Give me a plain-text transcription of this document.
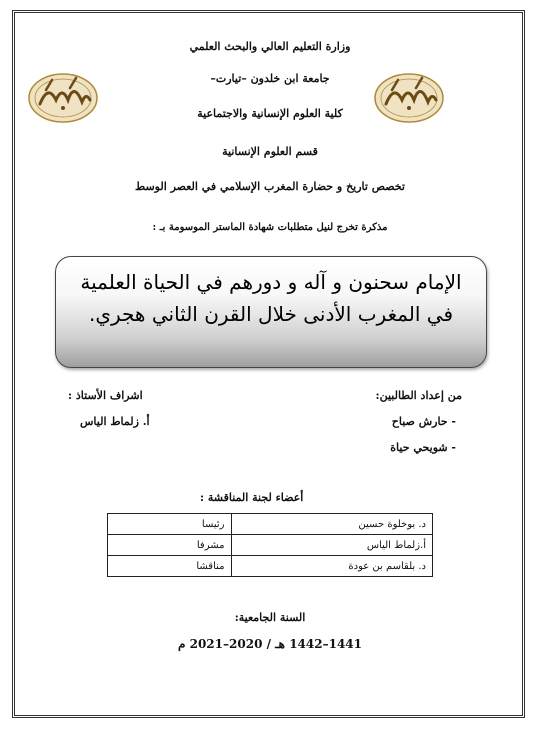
وزارة التعليم العالي والبحث العلمي
جامعة ابن خلدون –تيارت–
كلية العلوم الإنسانية والاجتماعية
قسم العلوم الإنسانية
تخصص تاريخ و حضارة المغرب الإسلامي في العصر الوسط
مذكرة تخرج لنيل متطلبات شهادة الماستر الموسومة بـ :
الإمام سحنون و آله و دورهم في الحياة العلمية
في المغرب الأدنى خلال القرن الثاني هجري.
من إعداد الطالبين:
- حارش صباح
- شويحي حياة
اشراف الأستاذ :
أ. زلماط الياس
أعضاء لجنة المناقشة :
د. بوخلوة حسين	رئيسا
أ.زلماط الياس	مشرفا
د. بلقاسم بن عودة	مناقشا
السنة الجامعية:
1441–1442 هـ / 2020–2021 م
